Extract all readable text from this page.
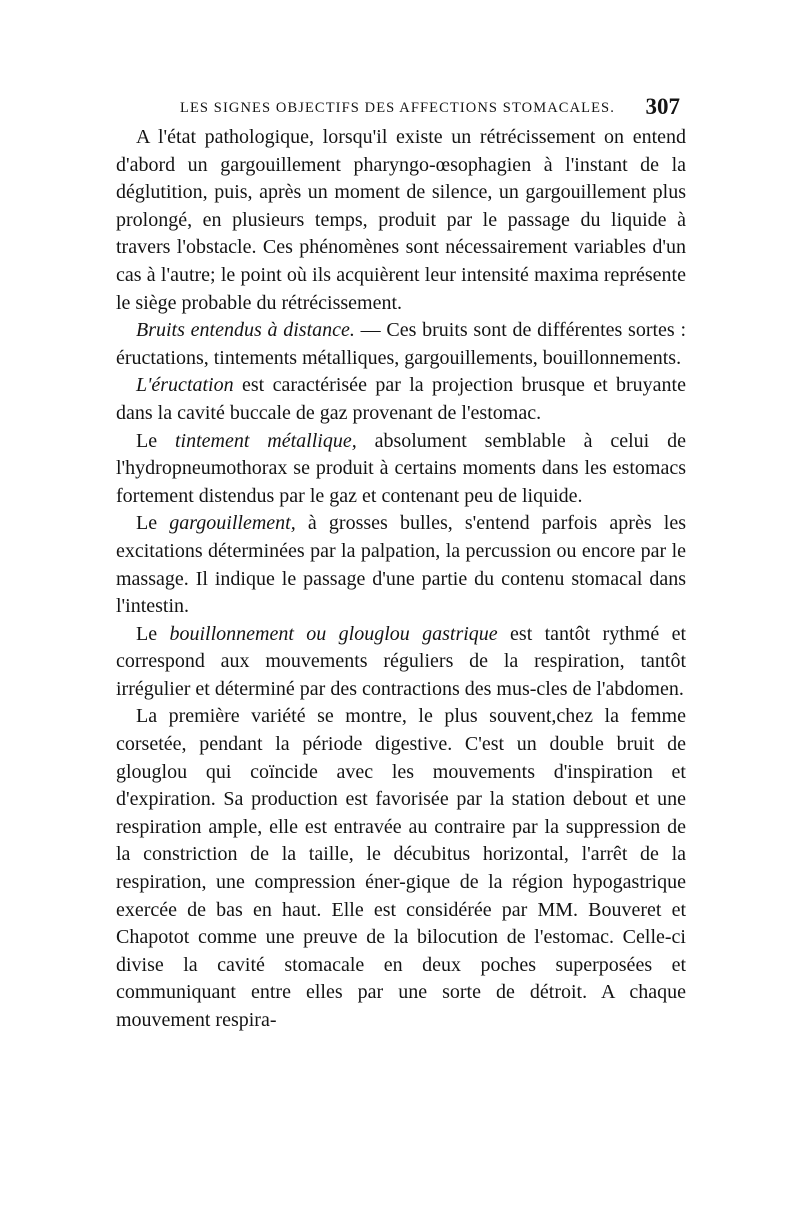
LES SIGNES OBJECTIFS DES AFFECTIONS STOMACALES. 307

A l'état pathologique, lorsqu'il existe un rétrécissement on entend d'abord un gargouillement pharyngo-œsophagien à l'instant de la déglutition, puis, après un moment de silence, un gargouillement plus prolongé, en plusieurs temps, produit par le passage du liquide à travers l'obstacle. Ces phénomènes sont nécessairement variables d'un cas à l'autre; le point où ils acquièrent leur intensité maxima représente le siège probable du rétrécissement.

Bruits entendus à distance. — Ces bruits sont de différentes sortes : éructations, tintements métalliques, gargouillements, bouillonnements.

L'éructation est caractérisée par la projection brusque et bruyante dans la cavité buccale de gaz provenant de l'estomac.

Le tintement métallique, absolument semblable à celui de l'hydropneumothorax se produit à certains moments dans les estomacs fortement distendus par le gaz et contenant peu de liquide.

Le gargouillement, à grosses bulles, s'entend parfois après les excitations déterminées par la palpation, la percussion ou encore par le massage. Il indique le passage d'une partie du contenu stomacal dans l'intestin.

Le bouillonnement ou glouglou gastrique est tantôt rythmé et correspond aux mouvements réguliers de la respiration, tantôt irrégulier et déterminé par des contractions des mus-cles de l'abdomen.

La première variété se montre, le plus souvent,chez la femme corsetée, pendant la période digestive. C'est un double bruit de glouglou qui coïncide avec les mouvements d'inspiration et d'expiration. Sa production est favorisée par la station debout et une respiration ample, elle est entravée au contraire par la suppression de la constriction de la taille, le décubitus horizontal, l'arrêt de la respiration, une compression éner-gique de la région hypogastrique exercée de bas en haut. Elle est considérée par MM. Bouveret et Chapotot comme une preuve de la bilocution de l'estomac. Celle-ci divise la cavité stomacale en deux poches superposées et communiquant entre elles par une sorte de détroit. A chaque mouvement respira-
